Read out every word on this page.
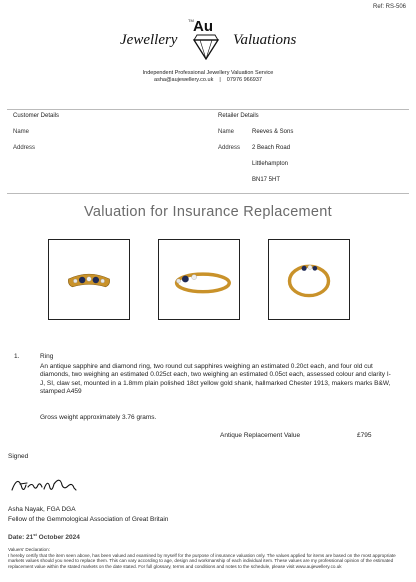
Ref: RS-506
TM Au
Jewellery	Valuations
Independent Professional Jewellery Valuation Service
asha@aujewellery.co.uk | 07976 966937
Customer Details
Name
Address
Retailer Details
Name	Reeves & Sons
Address 2 Beach Road
Littlehampton
BN17 5HT
Valuation for Insurance Replacement
1.	Ring
An antique sapphire and diamond ring, two round cut sapphires weighing an estimated 0.20ct each, and four old cut diamonds, two weighing an estimated 0.025ct each, two weighing an estimated 0.05ct each, assessed colour and clarity I-J, SI, claw set, mounted in a 1.8mm plain polished 18ct yellow gold shank, hallmarked Chester 1913, makers marks B&W, stamped A459
Gross weight approximately 3.76 grams.
Antique Replacement Value	£795
Signed
Asha Nayak, FGA DGA
Fellow of the Gemmological Association of Great Britain
Date: 21st October 2024
Valuers' Declaration:
I hereby certify that the item seen above, has been valued and examined by myself for the purpose of insurance valuation only. The values applied for items are based on the most appropriate markets values should you need to replace them. This can vary according to age, design and workmanship of each individual item. These values are my professional opinion of the estimated replacement value within the stated markets on the date stated. For full glossary, terms and conditions and notes to the schedule, please visit www.aujewellery.co.uk
